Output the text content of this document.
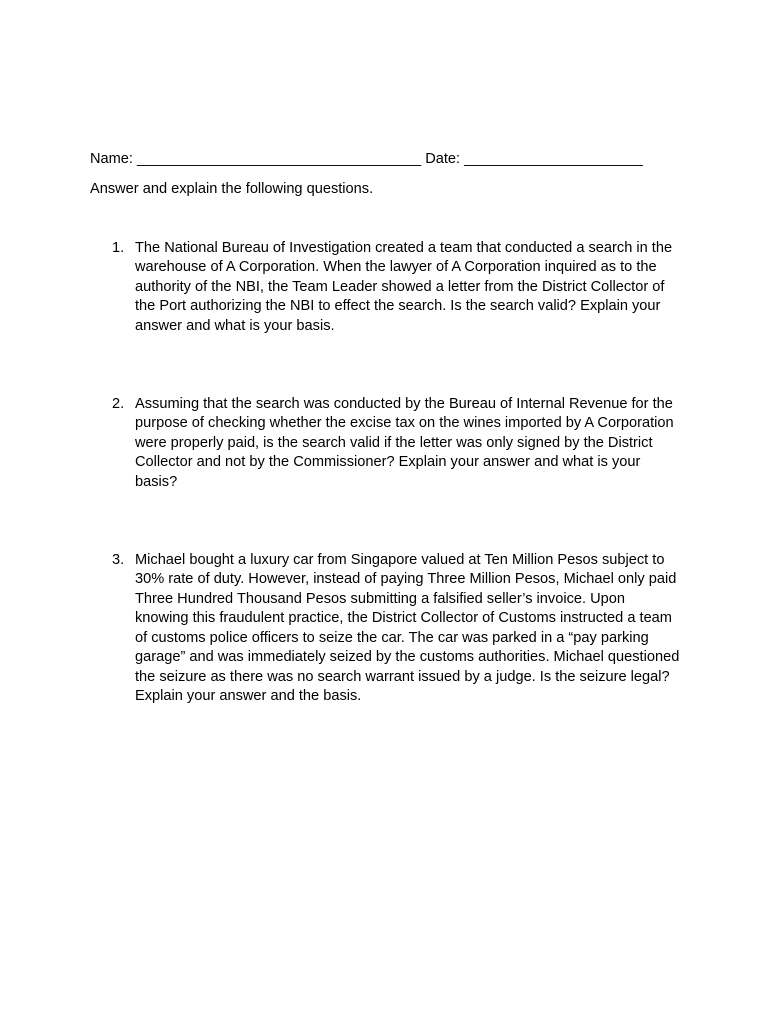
Name: ___________________________________ Date: ______________________
Answer and explain the following questions.
1. The National Bureau of Investigation created a team that conducted a search in the warehouse of A Corporation. When the lawyer of A Corporation inquired as to the authority of the NBI, the Team Leader showed a letter from the District Collector of the Port authorizing the NBI to effect the search. Is the search valid? Explain your answer and what is your basis.
2. Assuming that the search was conducted by the Bureau of Internal Revenue for the purpose of checking whether the excise tax on the wines imported by A Corporation were properly paid, is the search valid if the letter was only signed by the District Collector and not by the Commissioner? Explain your answer and what is your basis?
3. Michael bought a luxury car from Singapore valued at Ten Million Pesos subject to 30% rate of duty. However, instead of paying Three Million Pesos, Michael only paid Three Hundred Thousand Pesos submitting a falsified seller’s invoice. Upon knowing this fraudulent practice, the District Collector of Customs instructed a team of customs police officers to seize the car. The car was parked in a “pay parking garage” and was immediately seized by the customs authorities. Michael questioned the seizure as there was no search warrant issued by a judge. Is the seizure legal? Explain your answer and the basis.
